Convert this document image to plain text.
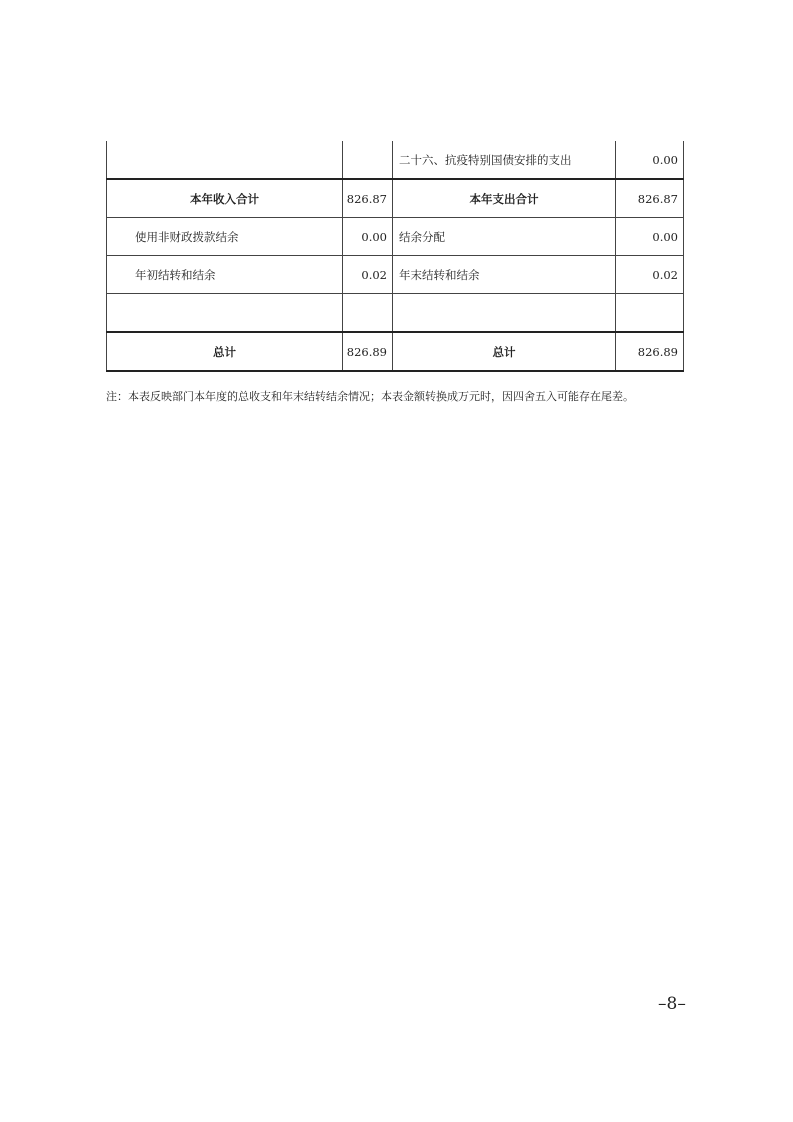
		二十六、抗疫特别国债安排的支出	0.00
本年收入合计	826.87	本年支出合计	826.87
使用非财政拨款结余	0.00	结余分配	0.00
年初结转和结余	0.02	年末结转和结余	0.02

总计	826.89	总计	826.89
注：本表反映部门本年度的总收支和年末结转结余情况；本表金额转换成万元时，因四舍五入可能存在尾差。
–8–
